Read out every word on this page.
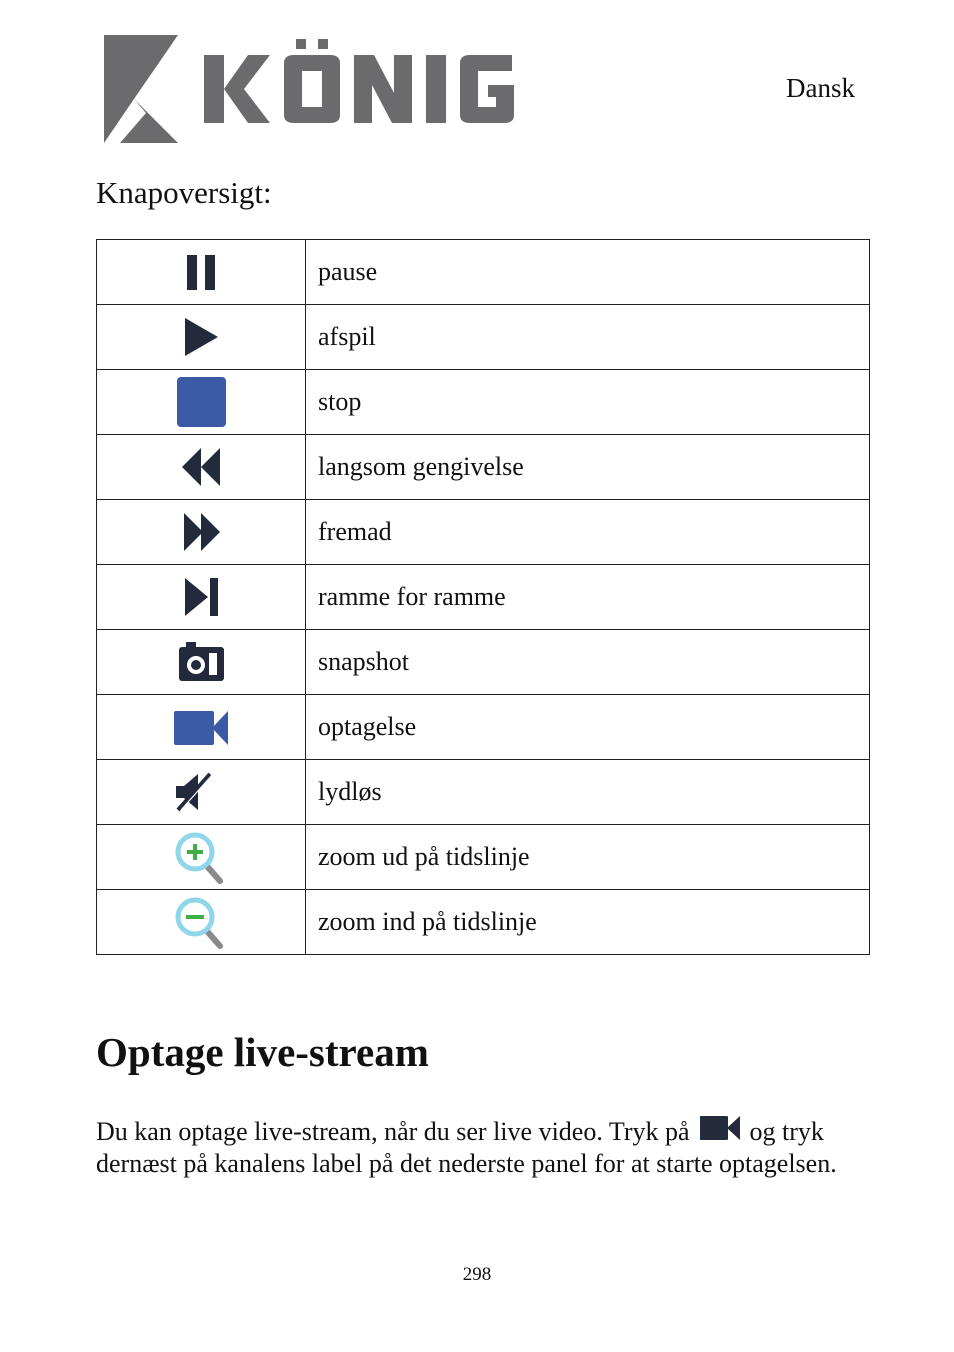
Dansk
Knapoversigt:
	pause

	afspil

	stop

	langsom gengivelse

	fremad

	ramme for ramme

	snapshot

	optagelse

	lydløs

	zoom ud på tidslinje

	zoom ind på tidslinje
Optage live-stream
Du kan optage live-stream, når du ser live video. Tryk på og tryk dernæst på kanalens label på det nederste panel for at starte optagelsen.
298
